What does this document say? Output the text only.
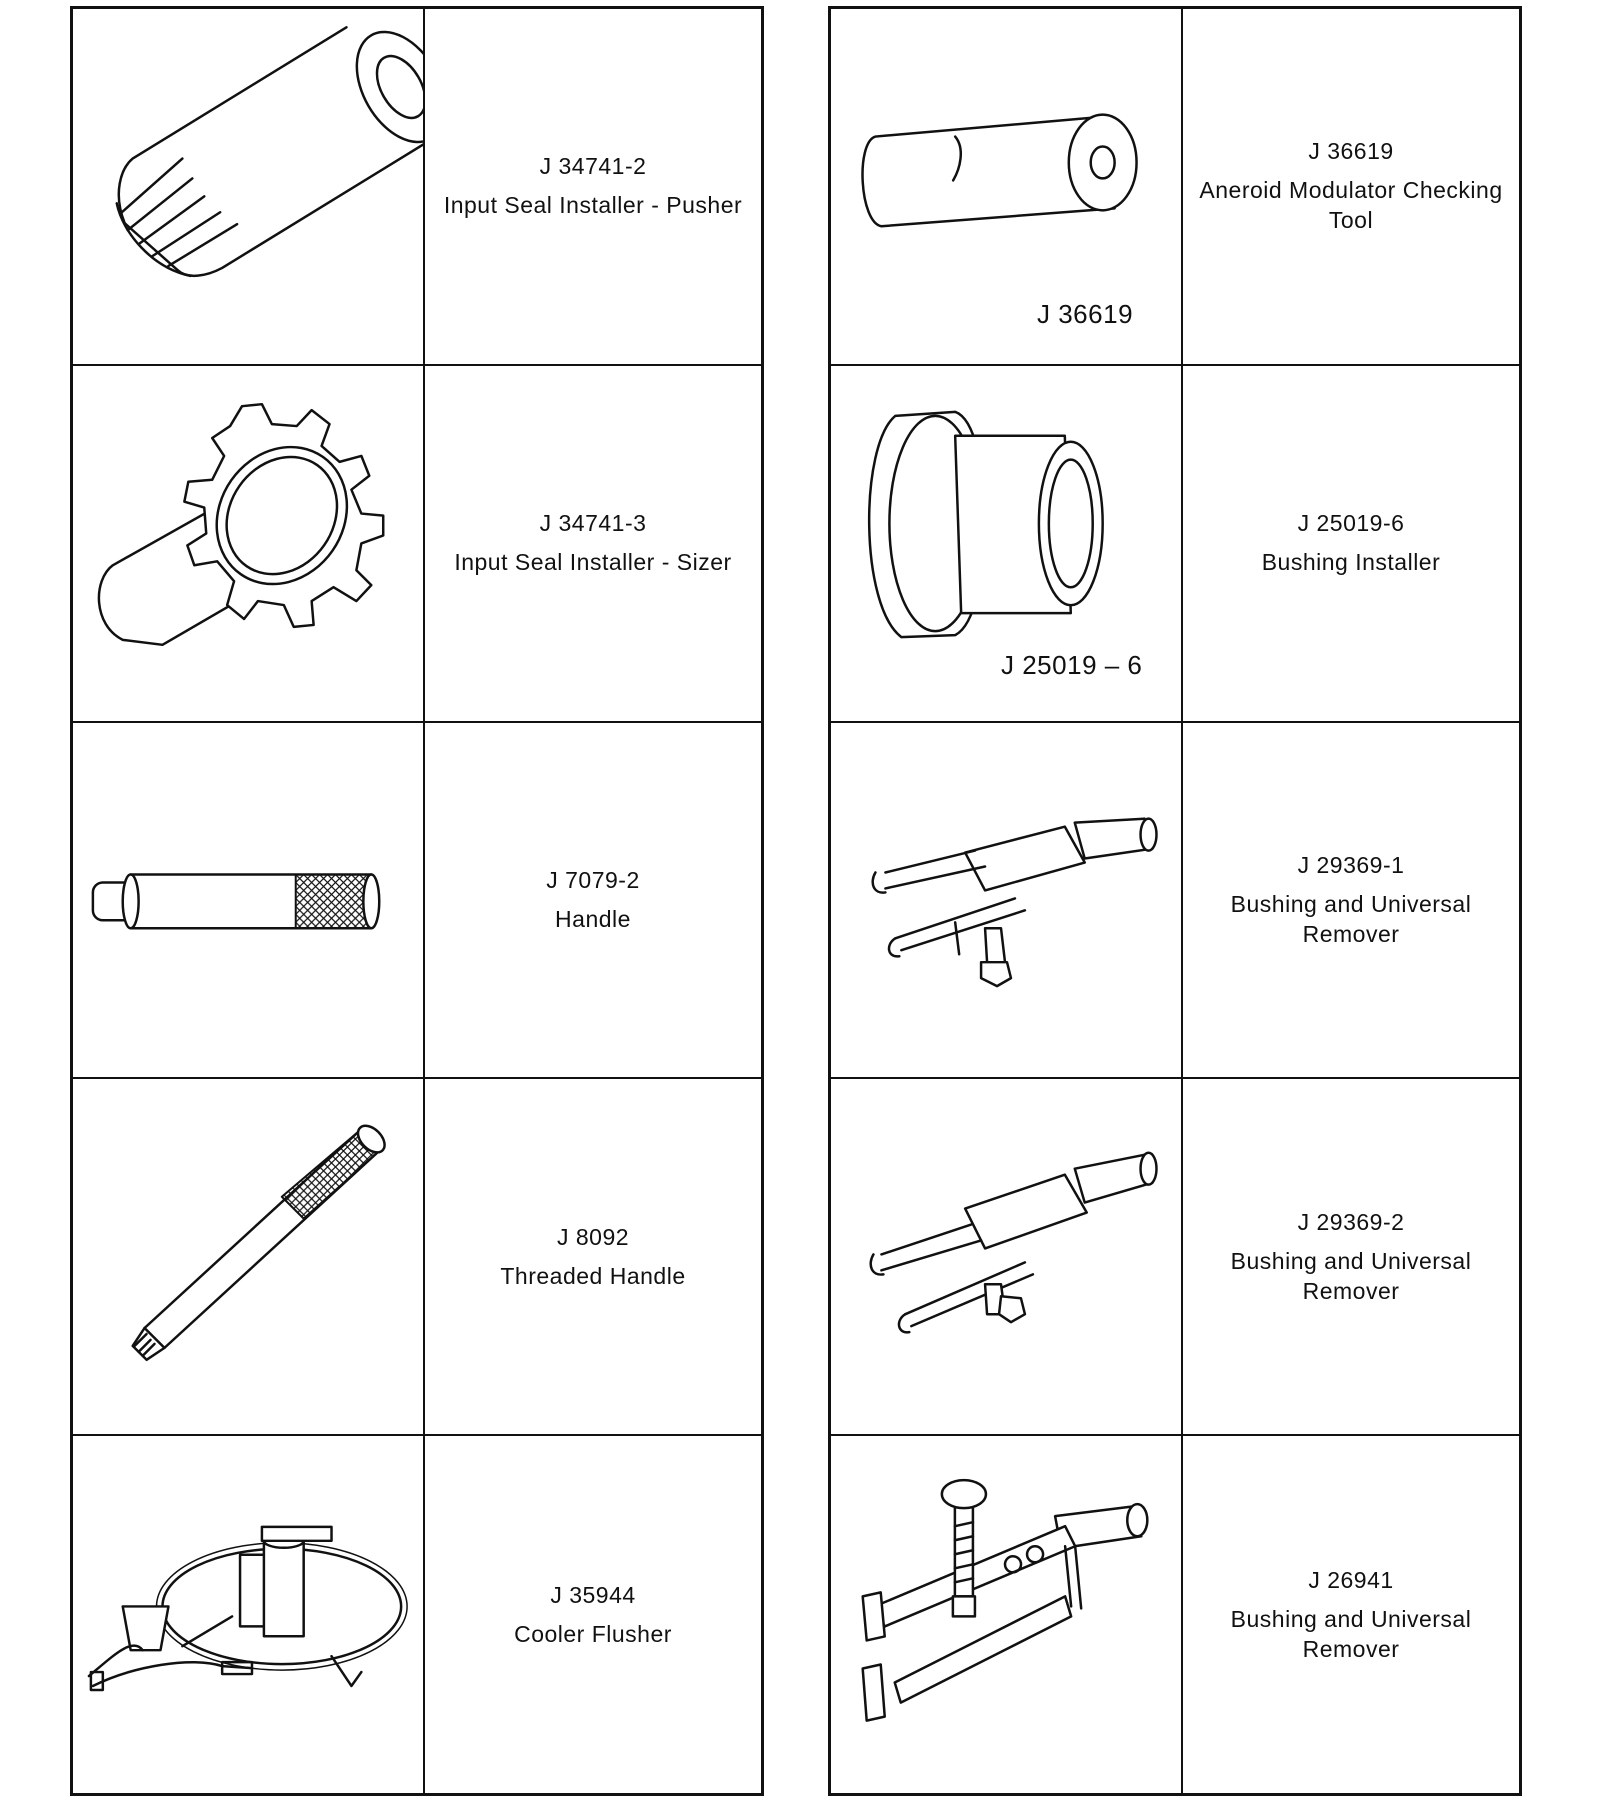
J 34741-2
Input Seal Installer - Pusher
J 34741-3
Input Seal Installer - Sizer
J 7079-2
Handle
J 8092
Threaded Handle
J 35944
Cooler Flusher
J 36619
J 36619
Aneroid Modulator Checking Tool
J 25019 – 6
J 25019-6
Bushing Installer
J 29369-1
Bushing and Universal Remover
J 29369-2
Bushing and Universal Remover
J 26941
Bushing and Universal Remover
